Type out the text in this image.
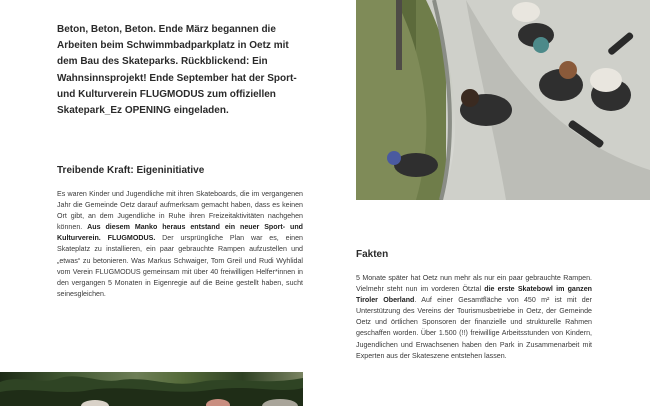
Beton, Beton, Beton. Ende März begannen die Arbeiten beim Schwimmbadparkplatz in Oetz mit dem Bau des Skateparks. Rückblickend: Ein Wahnsinnsprojekt! Ende September hat der Sport- und Kulturverein FLUGMODUS zum offiziellen Skatepark_Ez OPENING eingeladen.

Treibende Kraft: Eigeninitiative

Es waren Kinder und Jugendliche mit ihren Skateboards, die im vergangenen Jahr die Gemeinde Oetz darauf aufmerksam gemacht haben, dass es keinen Ort gibt, an dem Jugendliche in Ruhe ihren Freizeitaktivitäten nachgehen können. Aus diesem Manko heraus entstand ein neuer Sport- und Kulturverein. FLUGMODUS. Der ursprüngliche Plan war es, einen Skateplatz zu installieren, ein paar gebrauchte Rampen aufzustellen und „etwas“ zu betonieren. Was Markus Schwaiger, Tom Greil und Rudi Wyhlidal vom Verein FLUGMODUS gemeinsam mit über 40 freiwilligen Helfer*innen in den vergangen 5 Monaten in Eigenregie auf die Beine gestellt haben, sucht seinesgleichen.

Fakten

5 Monate später hat Oetz nun mehr als nur ein paar gebrauchte Rampen. Vielmehr steht nun im vorderen Ötztal die erste Skatebowl im ganzen Tiroler Oberland. Auf einer Gesamtfläche von 450 m² ist mit der Unterstützung des Vereins der Tourismusbetriebe in Oetz, der Gemeinde Oetz und örtlichen Sponsoren der finanzielle und strukturelle Rahmen geschaffen worden. Über 1.500 (!!) freiwillige Arbeitsstunden von Kindern, Jugendlichen und Erwachsenen haben den Park in Zusammenarbeit mit Experten aus der Skateszene entstehen lassen.
